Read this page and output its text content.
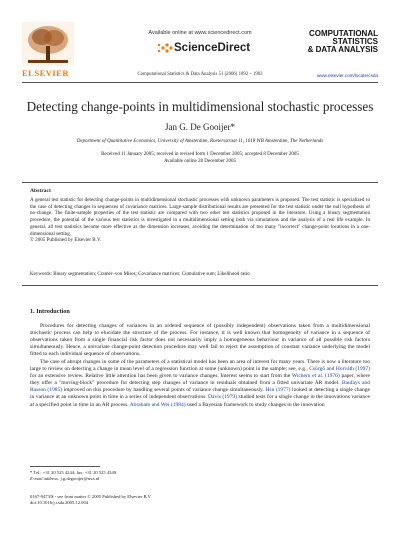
ELSEVIER
Available online at www.sciencedirect.com
ScienceDirect
Computational Statistics & Data Analysis 51 (2006) 1892 – 1903
COMPUTATIONAL
STATISTICS
& DATA ANALYSIS
www.elsevier.com/locate/csda
Detecting change-points in multidimensional stochastic processes
Jan G. De Gooijer*
Department of Quantitative Economics, University of Amsterdam, Roetersstraat 11, 1018 WB Amsterdam, The Netherlands
Received 11 January 2005; received in revised form 1 December 2005; accepted 8 December 2005
Available online 28 December 2005
Abstract
A general test statistic for detecting change-points in multidimensional stochastic processes with unknown parameters is proposed. The test statistic is specialized to the case of detecting changes in sequences of covariance matrices. Large-sample distributional results are presented for the test statistic under the null hypothesis of no-change. The finite-sample properties of the test statistic are compared with two other test statistics proposed in the literature. Using a binary segmentation procedure, the potential of the various test statistics is investigated in a multidimensional setting both via simulations and the analysis of a real life example. In general, all test statistics become more effective as the dimension increases, avoiding the determination of too many "incorrect" change-point locations in a one-dimensional setting.
© 2005 Published by Elsevier B.V.
Keywords: Binary segmentation; Cramér–von Mises; Covariance matrices; Cumulative sum; Likelihood ratio
1. Introduction

Procedures for detecting changes of variances in an ordered sequence of (possibly independent) observations taken from a multidimensional stochastic process can help to elucidate the structure of the process. For instance, it is well known that homogeneity of variance in a sequence of observations taken from a single financial risk factor does not necessarily imply a homogeneous behaviour in variance of all possible risk factors simultaneously. Hence, a univariate change-point detection procedure may well fail to reject the assumption of constant variance underlying the model fitted to each individual sequence of observations.

The case of abrupt changes in some of the parameters of a statistical model has been an area of interest for many years. There is now a literature too large to review on detecting a change in mean level of a regression function at some (unknown) point in the sample; see, e.g., Csörgő and Horváth (1997) for an extensive review. Relative little attention has been given to variance changes. Interest seems to start from the Wichern et al. (1976) paper, where they offer a "moving-block" procedure for detecting step changes of variance in residuals obtained from a fitted univariate AR model. Baufays and Rasson (1985) improved on this procedure by handling several points of variance change simultaneously. Hsu (1977) looked at detecting a single change in variance at an unknown point in time in a series of independent observations. Davis (1979) studied tests for a single change in the innovations variance at a specified point in time in an AR process. Abraham and Wei (1984) used a Bayesian framework to study changes in the innovation

* Tel.: +31 20 525 4244; fax: +31 20 525 4349.
E-mail address: j.g.degooijer@uva.nl
0167-9473/$ - see front matter © 2005 Published by Elsevier B.V.
doi:10.1016/j.csda.2005.12.004
